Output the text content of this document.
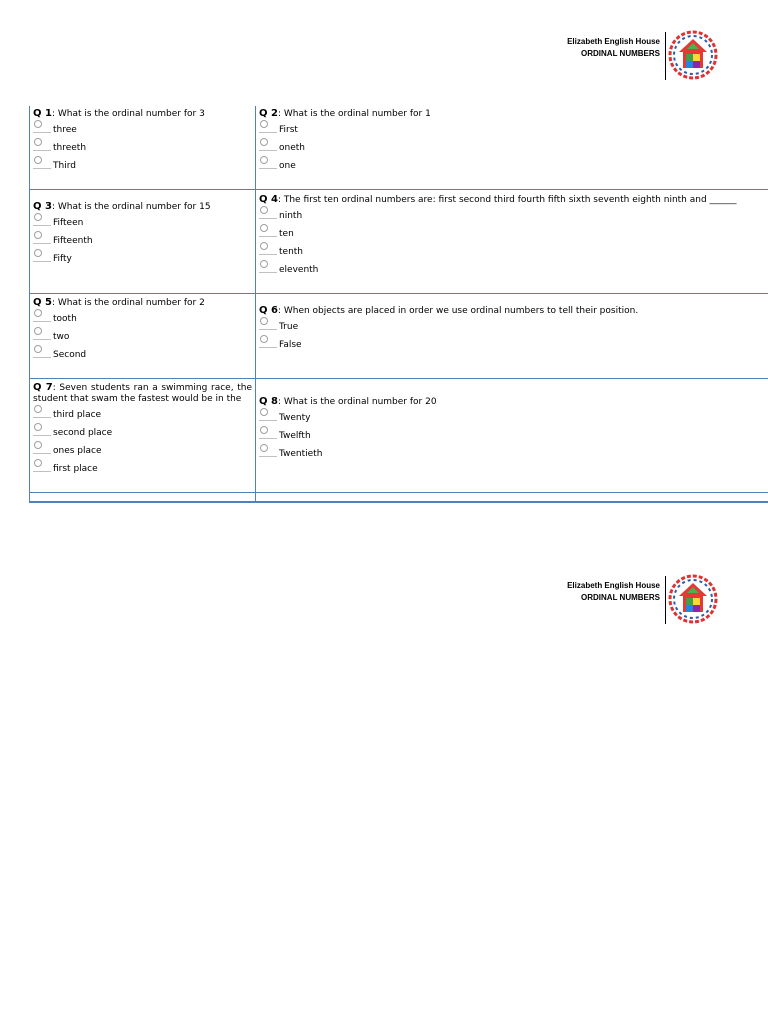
Elizabeth English House
ORDINAL NUMBERS
Q 1: What is the ordinal number for 3
three
threeth
Third
Q 2: What is the ordinal number for 1
First
oneth
one
Q 3: What is the ordinal number for 15
Fifteen
Fifteenth
Fifty
Q 4: The first ten ordinal numbers are: first second third fourth fifth sixth seventh eighth ninth and ______
ninth
ten
tenth
eleventh
Q 5: What is the ordinal number for 2
tooth
two
Second
Q 6: When objects are placed in order we use ordinal numbers to tell their position.
True
False
Q 7: Seven students ran a swimming race, the student that swam the fastest would be in the
third place
second place
ones place
first place
Q 8: What is the ordinal number for 20
Twenty
Twelfth
Twentieth
Elizabeth English House
ORDINAL NUMBERS
